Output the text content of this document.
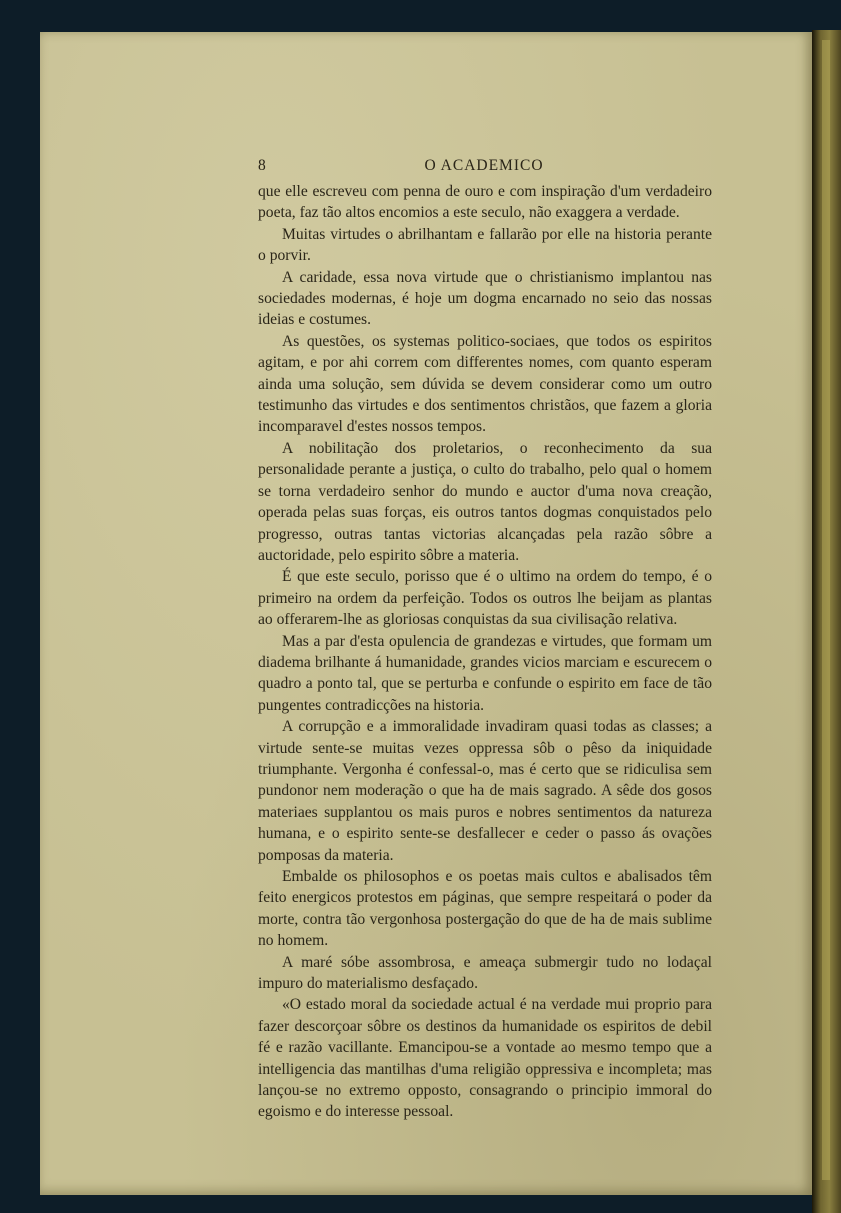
8	O ACADEMICO

que elle escreveu com penna de ouro e com inspiração d'um verdadeiro poeta, faz tão altos encomios a este seculo, não exaggera a verdade.

Muitas virtudes o abrilhantam e fallarão por elle na historia perante o porvir.

A caridade, essa nova virtude que o christianismo implantou nas sociedades modernas, é hoje um dogma encarnado no seio das nossas ideias e costumes.

As questões, os systemas politico-sociaes, que todos os espiritos agitam, e por ahi correm com differentes nomes, com quanto esperam ainda uma solução, sem dúvida se devem considerar como um outro testimunho das virtudes e dos sentimentos christãos, que fazem a gloria incomparavel d'estes nossos tempos.

A nobilitação dos proletarios, o reconhecimento da sua personalidade perante a justiça, o culto do trabalho, pelo qual o homem se torna verdadeiro senhor do mundo e auctor d'uma nova creação, operada pelas suas forças, eis outros tantos dogmas conquistados pelo progresso, outras tantas victorias alcançadas pela razão sôbre a auctoridade, pelo espirito sôbre a materia.

É que este seculo, porisso que é o ultimo na ordem do tempo, é o primeiro na ordem da perfeição. Todos os outros lhe beijam as plantas ao offerarem-lhe as gloriosas conquistas da sua civilisação relativa.

Mas a par d'esta opulencia de grandezas e virtudes, que formam um diadema brilhante á humanidade, grandes vicios marciam e escurecem o quadro a ponto tal, que se perturba e confunde o espirito em face de tão pungentes contradicções na historia.

A corrupção e a immoralidade invadiram quasi todas as classes; a virtude sente-se muitas vezes oppressa sôb o pêso da iniquidade triumphante. Vergonha é confessal-o, mas é certo que se ridiculisa sem pundonor nem moderação o que ha de mais sagrado. A sêde dos gosos materiaes supplantou os mais puros e nobres sentimentos da natureza humana, e o espirito sente-se desfallecer e ceder o passo ás ovações pomposas da materia.

Embalde os philosophos e os poetas mais cultos e abalisados têm feito energicos protestos em páginas, que sempre respeitará o poder da morte, contra tão vergonhosa postergação do que de ha de mais sublime no homem.

A maré sóbe assombrosa, e ameaça submergir tudo no lodaçal impuro do materialismo desfaçado.

«O estado moral da sociedade actual é na verdade mui proprio para fazer descorçoar sôbre os destinos da humanidade os espiritos de debil fé e razão vacillante. Emancipou-se a vontade ao mesmo tempo que a intelligencia das mantilhas d'uma religião oppressiva e incompleta; mas lançou-se no extremo opposto, consagrando o principio immoral do egoismo e do interesse pessoal.
